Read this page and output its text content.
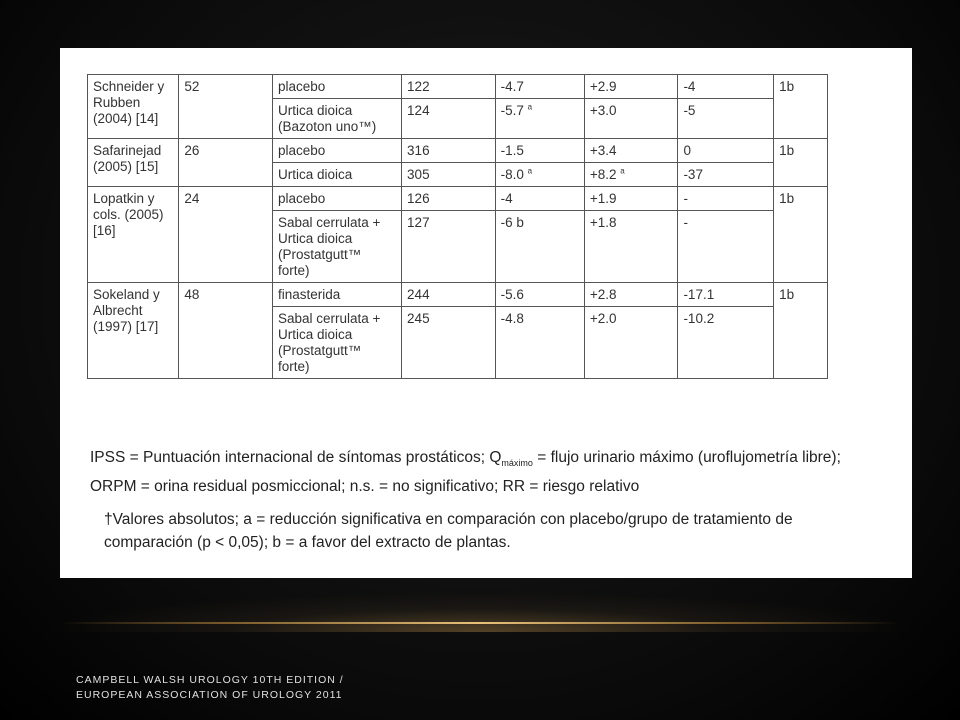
Schneider y Rubben (2004) [14]	52	placebo	122	-4.7	+2.9	-4	1b
		Urtica dioica (Bazoton uno™)	124	-5.7 $^a$	+3.0	-5	
Safarinejad (2005) [15]	26	placebo	316	-1.5	+3.4	0	1b
		Urtica dioica	305	-8.0 $^a$	+8.2 $^a$	-37	
Lopatkin y cols. (2005) [16]	24	placebo	126	-4	+1.9	-	1b
		Sabal cerrulata + Urtica dioica (Prostatgutt™ forte)	127	-6 b	+1.8	-	
Sokeland y Albrecht (1997) [17]	48	finasterida	244	-5.6	+2.8	-17.1	1b
		Sabal cerrulata + Urtica dioica (Prostatgutt™ forte)	245	-4.8	+2.0	-10.2	

IPSS = Puntuación internacional de síntomas prostáticos; $Q_{máximo}$ = flujo urinario máximo (uroflujometría libre); ORPM = orina residual posmiccional; n.s. = no significativo; RR = riesgo relativo

†Valores absolutos; a = reducción significativa en comparación con placebo/grupo de tratamiento de comparación (p < 0,05); b = a favor del extracto de plantas.

CAMPBELL WALSH UROLOGY 10TH EDITION /
EUROPEAN ASSOCIATION OF UROLOGY 2011
